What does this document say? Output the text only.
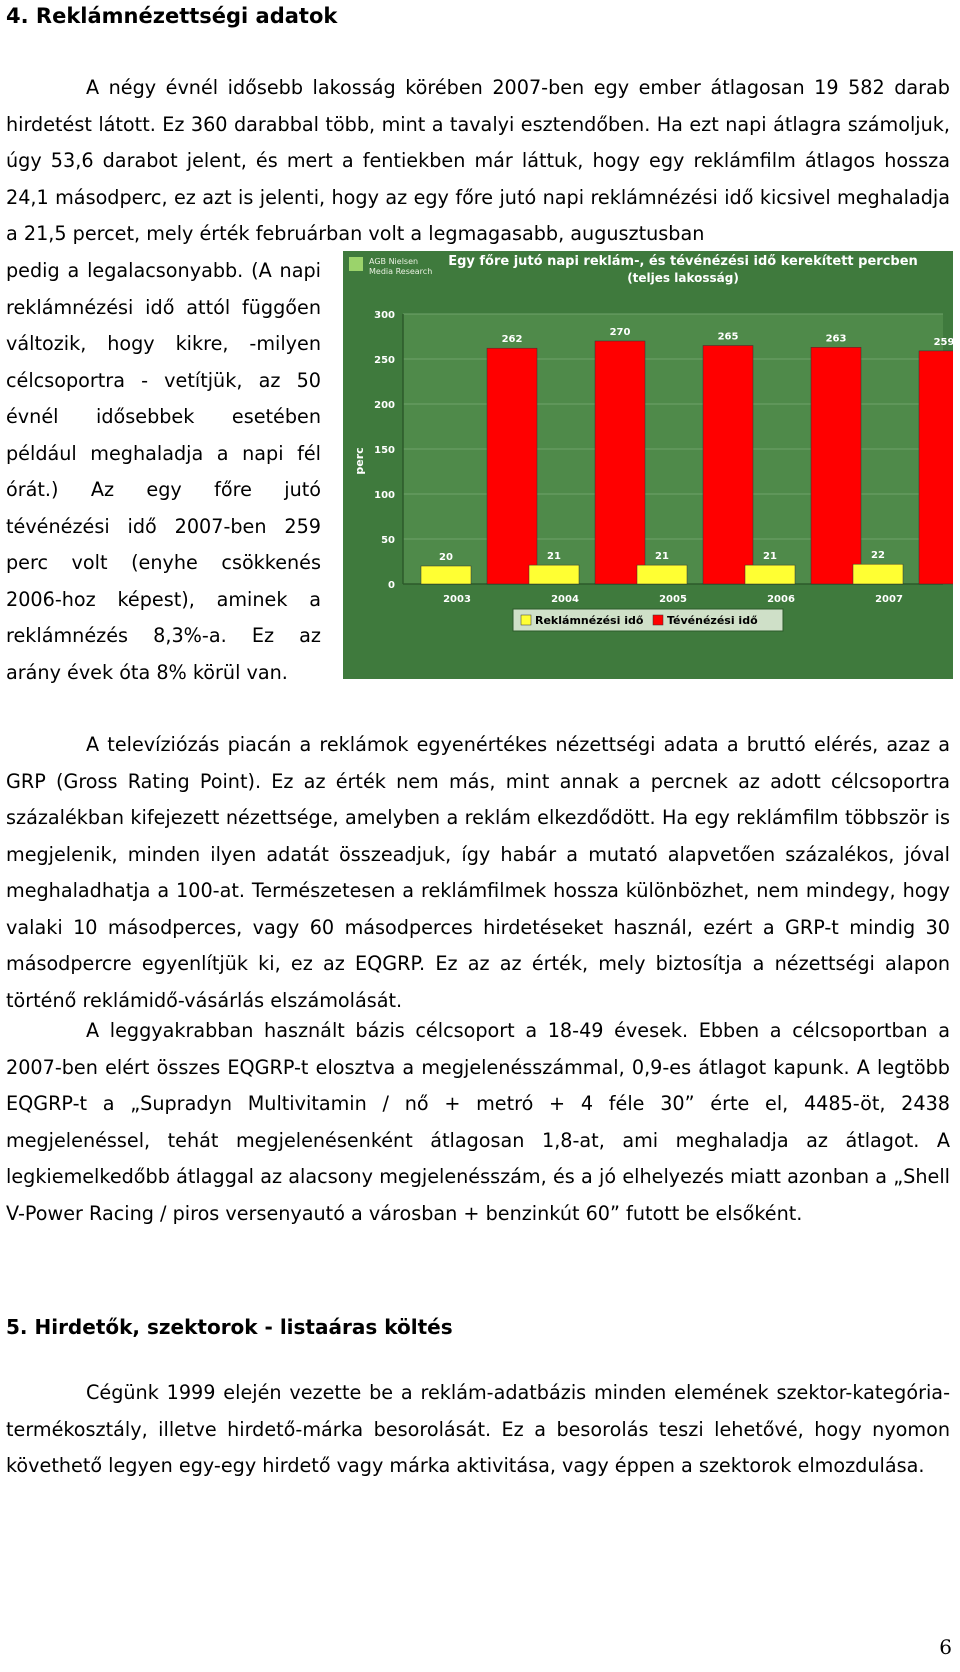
4. Reklámnézettségi adatok

A négy évnél idősebb lakosság körében 2007-ben egy ember átlagosan 19 582 darab hirdetést látott. Ez 360 darabbal több, mint a tavalyi esztendőben. Ha ezt napi átlagra számoljuk, úgy 53,6 darabot jelent, és mert a fentiekben már láttuk, hogy egy reklámfilm átlagos hossza 24,1 másodperc, ez azt is jelenti, hogy az egy főre jutó napi reklámnézési idő kicsivel meghaladja a 21,5 percet, mely érték februárban volt a legmagasabb, augusztusban

pedig a legalacsonyabb. (A napi reklámnézési idő attól függően változik, hogy kikre, -milyen célcsoportra - vetítjük, az 50 évnél idősebbek esetében például meghaladja a napi fél órát.) Az egy főre jutó tévénézési idő 2007-ben 259 perc volt (enyhe csökkenés 2006-hoz képest), aminek a reklámnézés 8,3%-a. Ez az arány évek óta 8% körül van.

A televíziózás piacán a reklámok egyenértékes nézettségi adata a bruttó elérés, azaz a GRP (Gross Rating Point). Ez az érték nem más, mint annak a percnek az adott célcsoportra százalékban kifejezett nézettsége, amelyben a reklám elkezdődött. Ha egy reklámfilm többször is megjelenik, minden ilyen adatát összeadjuk, így habár a mutató alapvetően százalékos, jóval meghaladhatja a 100-at. Természetesen a reklámfilmek hossza különbözhet, nem mindegy, hogy valaki 10 másodperces, vagy 60 másodperces hirdetéseket használ, ezért a GRP-t mindig 30 másodpercre egyenlítjük ki, ez az EQGRP. Ez az az érték, mely biztosítja a nézettségi alapon történő reklámidő-vásárlás elszámolását.

A leggyakrabban használt bázis célcsoport a 18-49 évesek. Ebben a célcsoportban a 2007-ben elért összes EQGRP-t elosztva a megjelenésszámmal, 0,9-es átlagot kapunk. A legtöbb EQGRP-t a „Supradyn Multivitamin / nő + metró + 4 féle 30” érte el, 4485-öt, 2438 megjelenéssel, tehát megjelenésenként átlagosan 1,8-at, ami meghaladja az átlagot. A legkiemelkedőbb átlaggal az alacsony megjelenésszám, és a jó elhelyezés miatt azonban a „Shell V-Power Racing / piros versenyautó a városban + benzinkút 60” futott be elsőként.

5. Hirdetők, szektorok - listaáras költés

Cégünk 1999 elején vezette be a reklám-adatbázis minden elemének szektor-kategória-termékosztály, illetve hirdető-márka besorolását. Ez a besorolás teszi lehetővé, hogy nyomon követhető legyen egy-egy hirdető vagy márka aktivitása, vagy éppen a szektorok elmozdulása.

AGB Nielsen
Media Research
Egy főre jutó napi reklám-, és tévénézési idő kerekített percben
(teljes lakosság)
perc
0
50
100
150
200
250
300
20
262
2003
21
270
2004
21
265
2005
21
263
2006
22
259
2007
Reklámnézési idő Tévénézési idő
6
